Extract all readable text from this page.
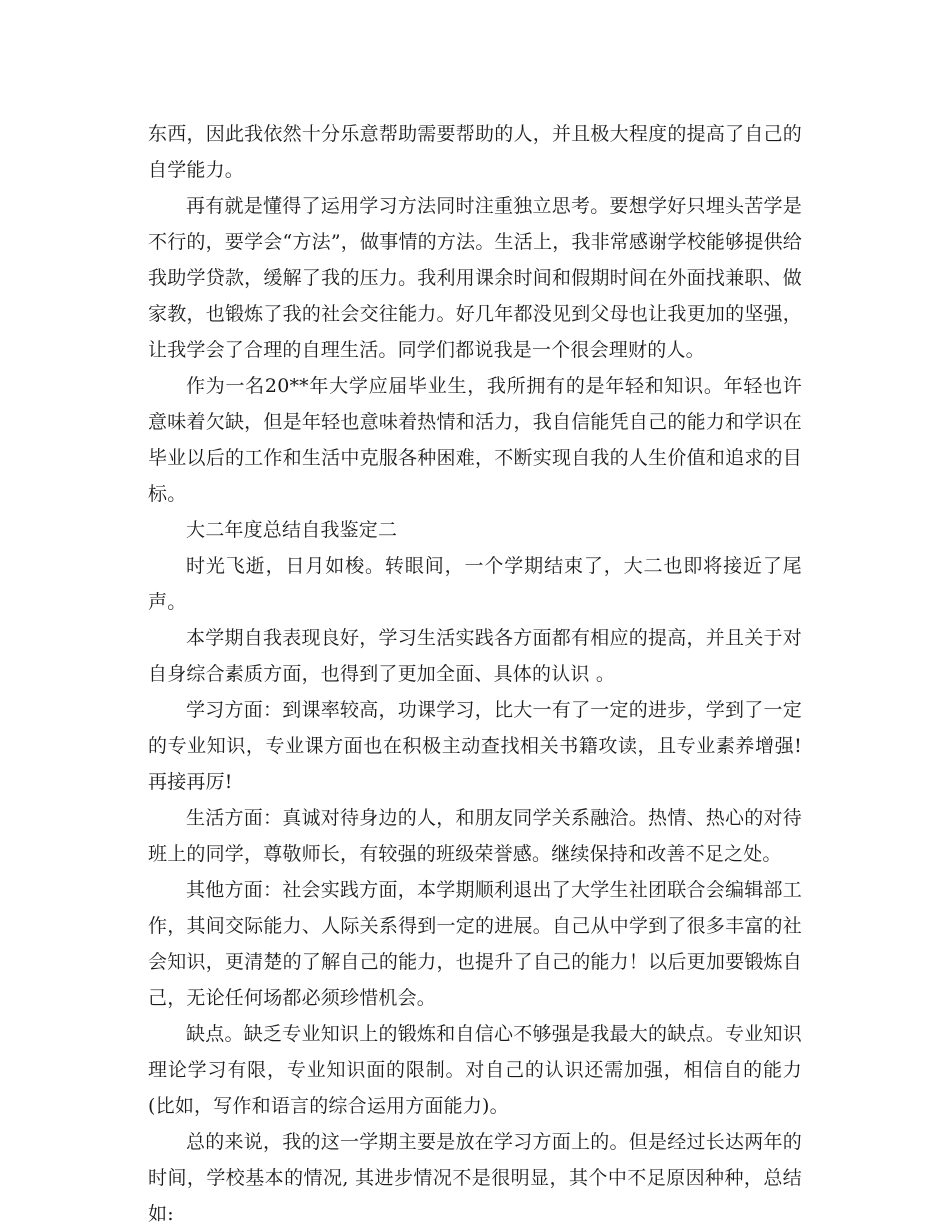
东西，因此我依然十分乐意帮助需要帮助的人，并且极大程度的提高了自己的自学能力。

再有就是懂得了运用学习方法同时注重独立思考。要想学好只埋头苦学是不行的，要学会“方法”，做事情的方法。生活上，我非常感谢学校能够提供给我助学贷款，缓解了我的压力。我利用课余时间和假期时间在外面找兼职、做家教，也锻炼了我的社会交往能力。好几年都没见到父母也让我更加的坚强，让我学会了合理的自理生活。同学们都说我是一个很会理财的人。

作为一名20**年大学应届毕业生，我所拥有的是年轻和知识。年轻也许意味着欠缺，但是年轻也意味着热情和活力，我自信能凭自己的能力和学识在毕业以后的工作和生活中克服各种困难，不断实现自我的人生价值和追求的目标。

大二年度总结自我鉴定二

时光飞逝，日月如梭。转眼间，一个学期结束了，大二也即将接近了尾声。

本学期自我表现良好，学习生活实践各方面都有相应的提高，并且关于对自身综合素质方面，也得到了更加全面、具体的认识 。

学习方面：到课率较高，功课学习，比大一有了一定的进步，学到了一定的专业知识，专业课方面也在积极主动查找相关书籍攻读，且专业素养增强!再接再厉!

生活方面：真诚对待身边的人，和朋友同学关系融洽。热情、热心的对待班上的同学，尊敬师长，有较强的班级荣誉感。继续保持和改善不足之处。

其他方面：社会实践方面，本学期顺利退出了大学生社团联合会编辑部工作，其间交际能力、人际关系得到一定的进展。自己从中学到了很多丰富的社会知识，更清楚的了解自己的能力，也提升了自己的能力！以后更加要锻炼自己，无论任何场都必须珍惜机会。

缺点。缺乏专业知识上的锻炼和自信心不够强是我最大的缺点。专业知识理论学习有限，专业知识面的限制。对自己的认识还需加强，相信自的能力(比如，写作和语言的综合运用方面能力)。

总的来说，我的这一学期主要是放在学习方面上的。但是经过长达两年的时间，学校基本的情况, 其进步情况不是很明显，其个中不足原因种种，总结如:
